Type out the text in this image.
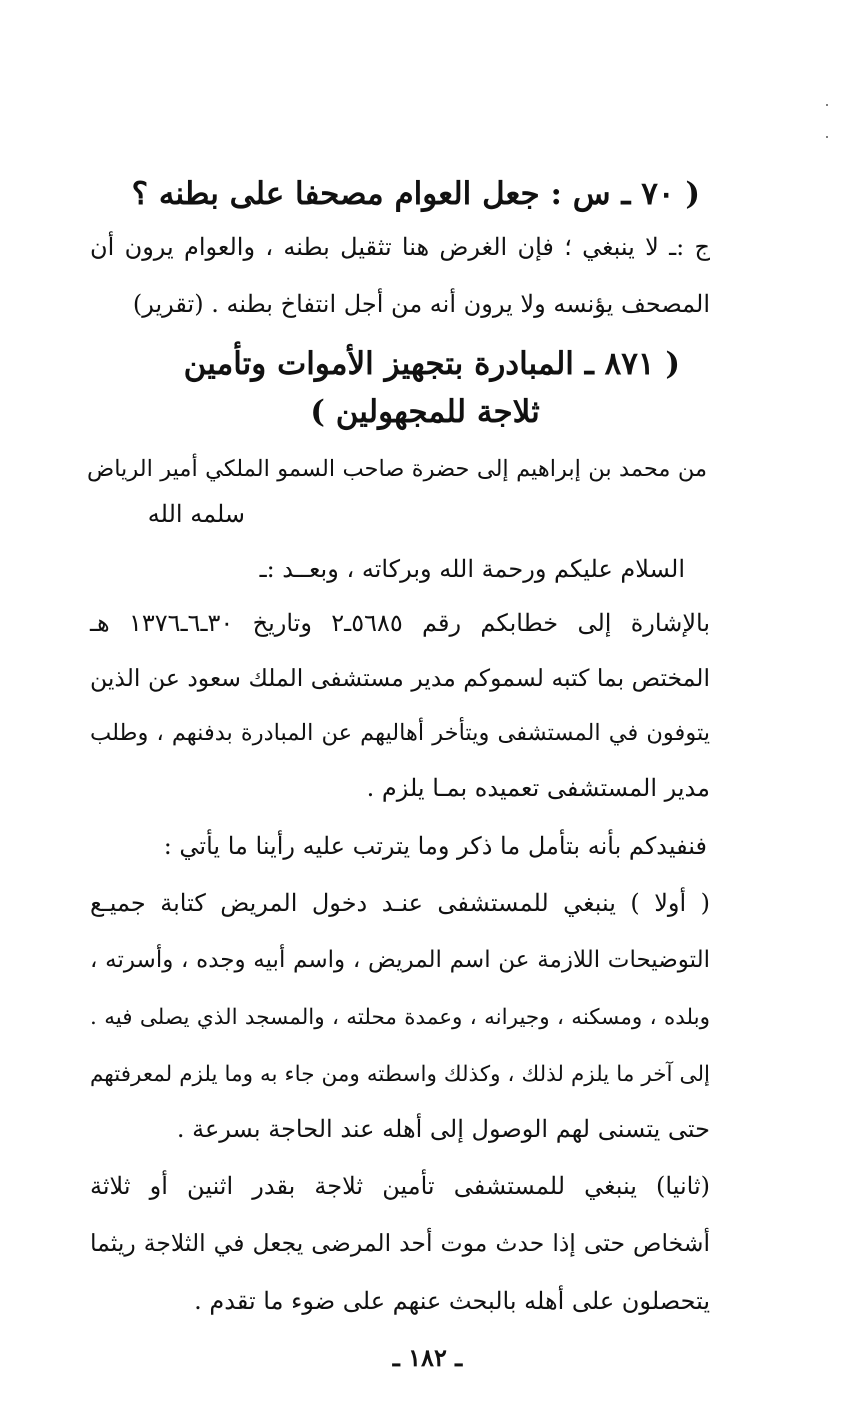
( ٧٠ ـ س : جعل العوام مصحفا على بطنه ؟
ج :ـ لا ينبغي ؛ فإن الغرض هنا تثقيل بطنه ، والعوام يرون أن
المصحف يؤنسه ولا يرون أنه من أجل انتفاخ بطنه . (تقرير)
( ٨٧١ ـ المبادرة بتجهيز الأموات وتأمين
ثلاجة للمجهولين )
من محمد بن إبراهيم إلى حضرة صاحب السمو الملكي أمير الرياض
سلمه الله
السلام عليكم ورحمة الله وبركاته ، وبعــد :ـ
بالإشارة إلى خطابكم رقم ٥٦٨٥ـ٢ وتاريخ ٣٠ـ٦ـ١٣٧٦ هـ
المختص بما كتبه لسموكم مدير مستشفى الملك سعود عن الذين
يتوفون في المستشفى ويتأخر أهاليهم عن المبادرة بدفنهم ، وطلب
مدير المستشفى تعميده بمـا يلزم .
فنفيدكم بأنه بتأمل ما ذكر وما يترتب عليه رأينا ما يأتي :
( أولا ) ينبغي للمستشفى عنـد دخول المريض كتابة جميـع
التوضيحات اللازمة عن اسم المريض ، واسم أبيه وجده ، وأسرته ،
وبلده ، ومسكنه ، وجيرانه ، وعمدة محلته ، والمسجد الذي يصلى فيه .
إلى آخر ما يلزم لذلك ، وكذلك واسطته ومن جاء به وما يلزم لمعرفتهم
حتى يتسنى لهم الوصول إلى أهله عند الحاجة بسرعة .
(ثانيا) ينبغي للمستشفى تأمين ثلاجة بقدر اثنين أو ثلاثة
أشخاص حتى إذا حدث موت أحد المرضى يجعل في الثلاجة ريثما
يتحصلون على أهله بالبحث عنهم على ضوء ما تقدم .
ـ ١٨٢ ـ
